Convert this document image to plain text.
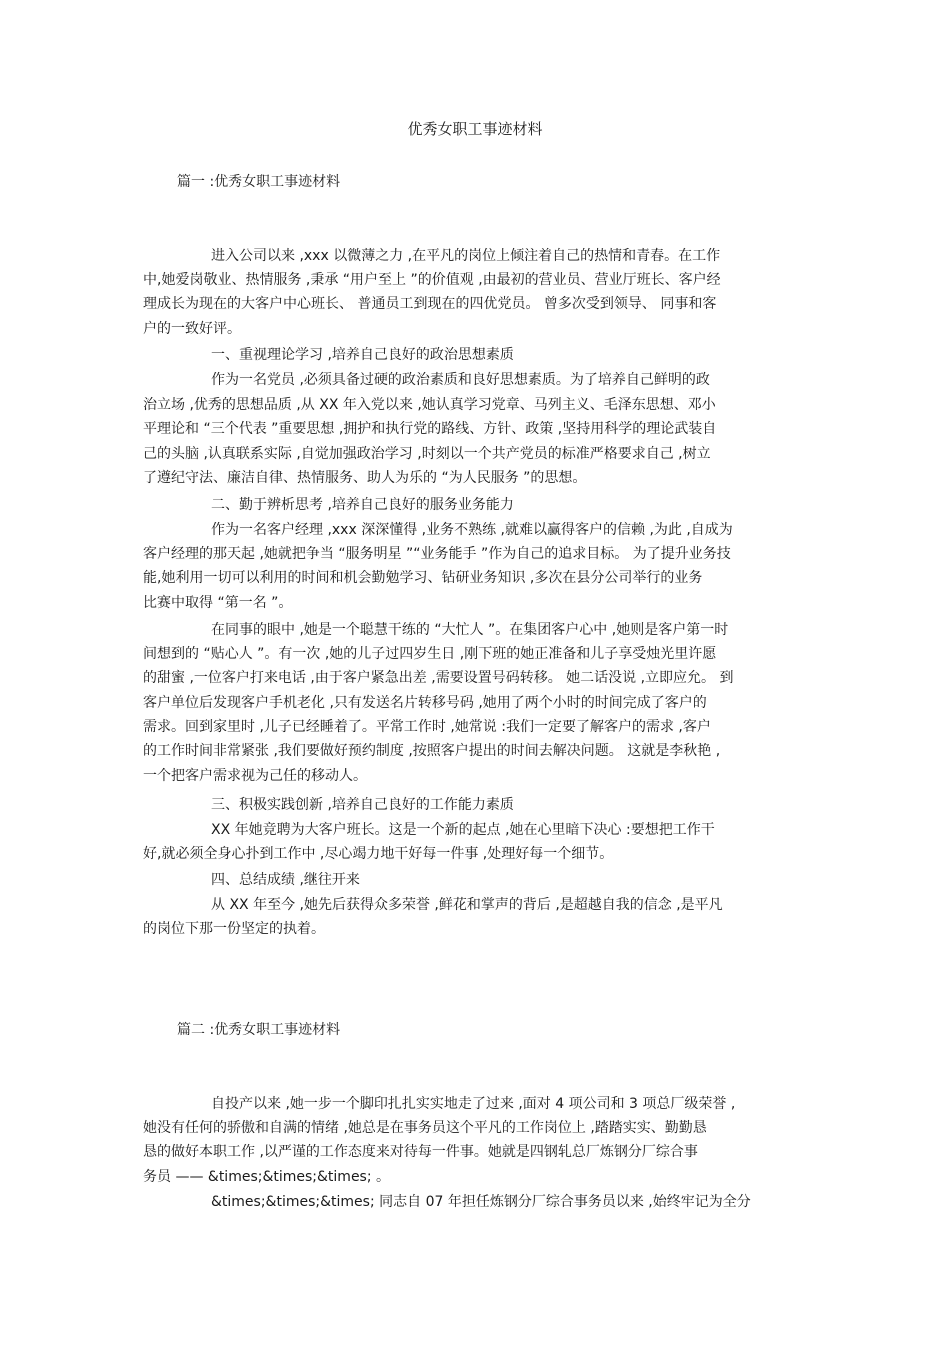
优秀女职工事迹材料
篇一 :优秀女职工事迹材料
进入公司以来 ,xxx 以微薄之力 ,在平凡的岗位上倾注着自己的热情和青春。在工作
中,她爱岗敬业、热情服务 ,秉承 “用户至上 ”的价值观 ,由最初的营业员、营业厅班长、客户经
理成长为现在的大客户中心班长、 普通员工到现在的四优党员。 曾多次受到领导、 同事和客
户的一致好评。
一、重视理论学习 ,培养自己良好的政治思想素质
作为一名党员 ,必须具备过硬的政治素质和良好思想素质。为了培养自己鲜明的政
治立场 ,优秀的思想品质 ,从 XX 年入党以来 ,她认真学习党章、马列主义、毛泽东思想、邓小
平理论和 “三个代表 ”重要思想 ,拥护和执行党的路线、方针、政策 ,坚持用科学的理论武装自
己的头脑 ,认真联系实际 ,自觉加强政治学习 ,时刻以一个共产党员的标准严格要求自己 ,树立
了遵纪守法、廉洁自律、热情服务、助人为乐的 “为人民服务 ”的思想。
二、勤于辨析思考 ,培养自己良好的服务业务能力
作为一名客户经理 ,xxx 深深懂得 ,业务不熟练 ,就难以赢得客户的信赖 ,为此 ,自成为
客户经理的那天起 ,她就把争当 “服务明星 ”“业务能手 ”作为自己的追求目标。 为了提升业务技
能,她利用一切可以利用的时间和机会勤勉学习、钻研业务知识 ,多次在县分公司举行的业务
比赛中取得 “第一名 ”。
在同事的眼中 ,她是一个聪慧干练的 “大忙人 ”。在集团客户心中 ,她则是客户第一时
间想到的 “贴心人 ”。有一次 ,她的儿子过四岁生日 ,刚下班的她正准备和儿子享受烛光里许愿
的甜蜜 ,一位客户打来电话 ,由于客户紧急出差 ,需要设置号码转移。 她二话没说 ,立即应允。 到
客户单位后发现客户手机老化 ,只有发送名片转移号码 ,她用了两个小时的时间完成了客户的
需求。回到家里时 ,儿子已经睡着了。平常工作时 ,她常说 :我们一定要了解客户的需求 ,客户
的工作时间非常紧张 ,我们要做好预约制度 ,按照客户提出的时间去解决问题。 这就是李秋艳 ,
一个把客户需求视为己任的移动人。
三、积极实践创新 ,培养自己良好的工作能力素质
XX 年她竞聘为大客户班长。这是一个新的起点 ,她在心里暗下决心 :要想把工作干
好,就必须全身心扑到工作中 ,尽心竭力地干好每一件事 ,处理好每一个细节。
四、总结成绩 ,继往开来
从 XX 年至今 ,她先后获得众多荣誉 ,鲜花和掌声的背后 ,是超越自我的信念 ,是平凡
的岗位下那一份坚定的执着。
篇二 :优秀女职工事迹材料
自投产以来 ,她一步一个脚印扎扎实实地走了过来 ,面对 4 项公司和 3 项总厂级荣誉 ,
她没有任何的骄傲和自满的情绪 ,她总是在事务员这个平凡的工作岗位上 ,踏踏实实、勤勤恳
恳的做好本职工作 ,以严谨的工作态度来对待每一件事。她就是四钢轧总厂炼钢分厂综合事
务员 —— &times;&times;&times; 。
&times;&times;&times; 同志自 07 年担任炼钢分厂综合事务员以来 ,始终牢记为全分
